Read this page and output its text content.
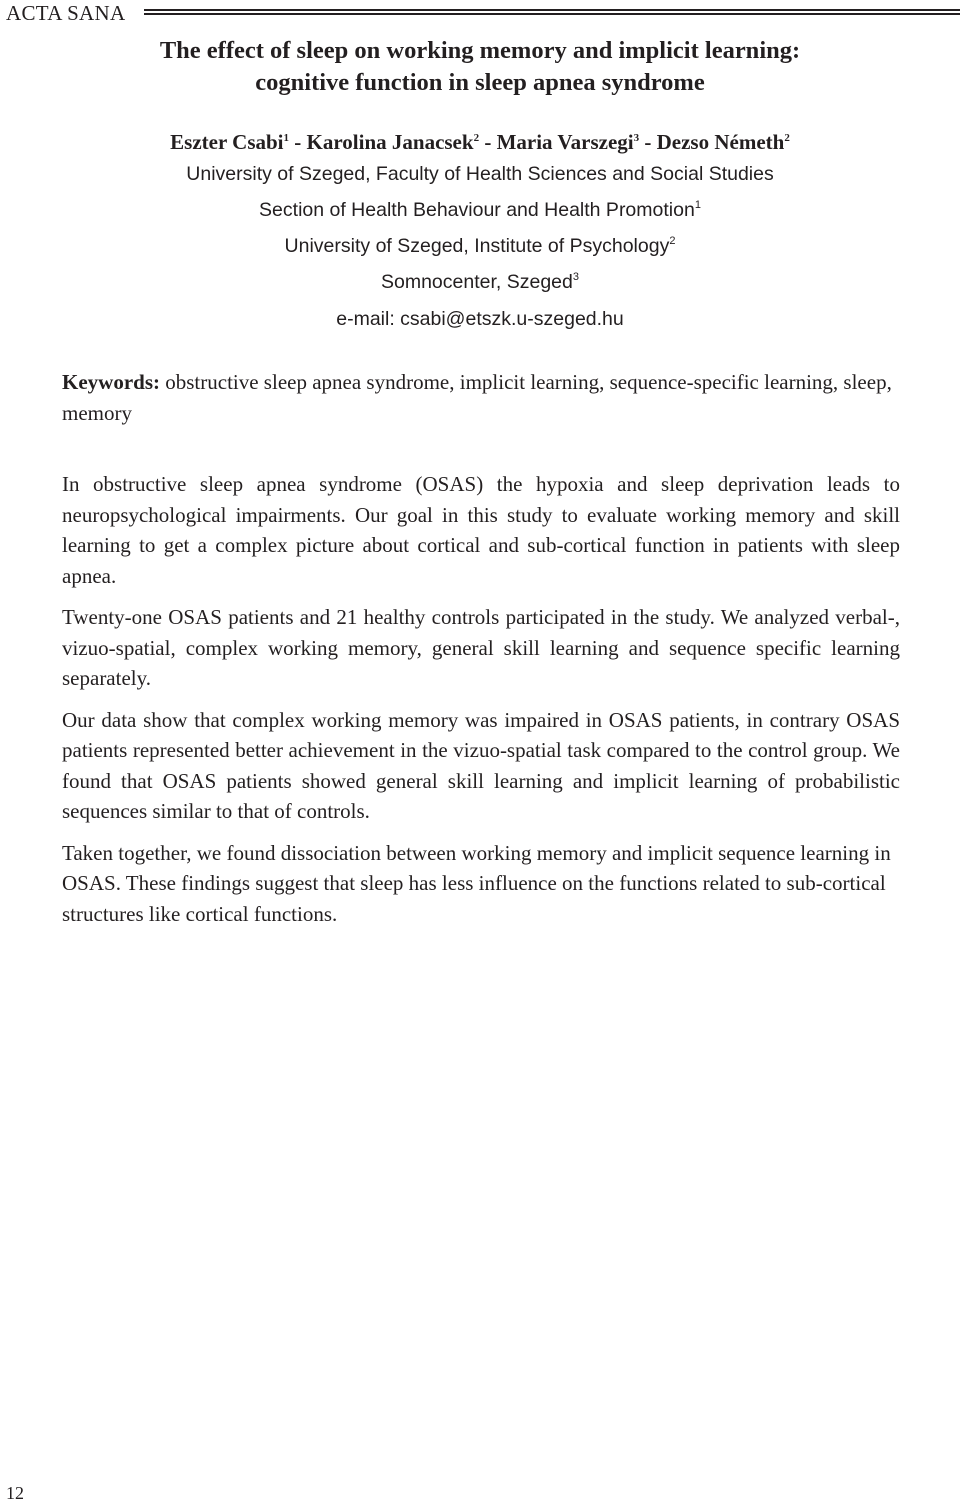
ACTA SANA
The effect of sleep on working memory and implicit learning:
cognitive function in sleep apnea syndrome
Eszter Csabi$^1$ - Karolina Janacsek$^2$ - Maria Varszegi$^3$ - Dezso Németh$^2$
University of Szeged, Faculty of Health Sciences and Social Studies
Section of Health Behaviour and Health Promotion$^1$
University of Szeged, Institute of Psychology$^2$
Somnocenter, Szeged$^3$
e-mail: csabi@etszk.u-szeged.hu
Keywords: obstructive sleep apnea syndrome, implicit learning, sequence-specific learning, sleep, memory

In obstructive sleep apnea syndrome (OSAS) the hypoxia and sleep deprivation leads to neuropsychological impairments. Our goal in this study to evaluate working memory and skill learning to get a complex picture about cortical and sub-cortical function in patients with sleep apnea.

Twenty-one OSAS patients and 21 healthy controls participated in the study. We analyzed verbal-, vizuo-spatial, complex working memory, general skill learning and sequence specific learning separately.

Our data show that complex working memory was impaired in OSAS patients, in contrary OSAS patients represented better achievement in the vizuo-spatial task compared to the control group. We found that OSAS patients showed general skill learning and implicit learning of probabilistic sequences similar to that of controls.

Taken together, we found dissociation between working memory and implicit sequence learning in OSAS. These findings suggest that sleep has less influence on the functions related to sub-cortical structures like cortical functions.

12
